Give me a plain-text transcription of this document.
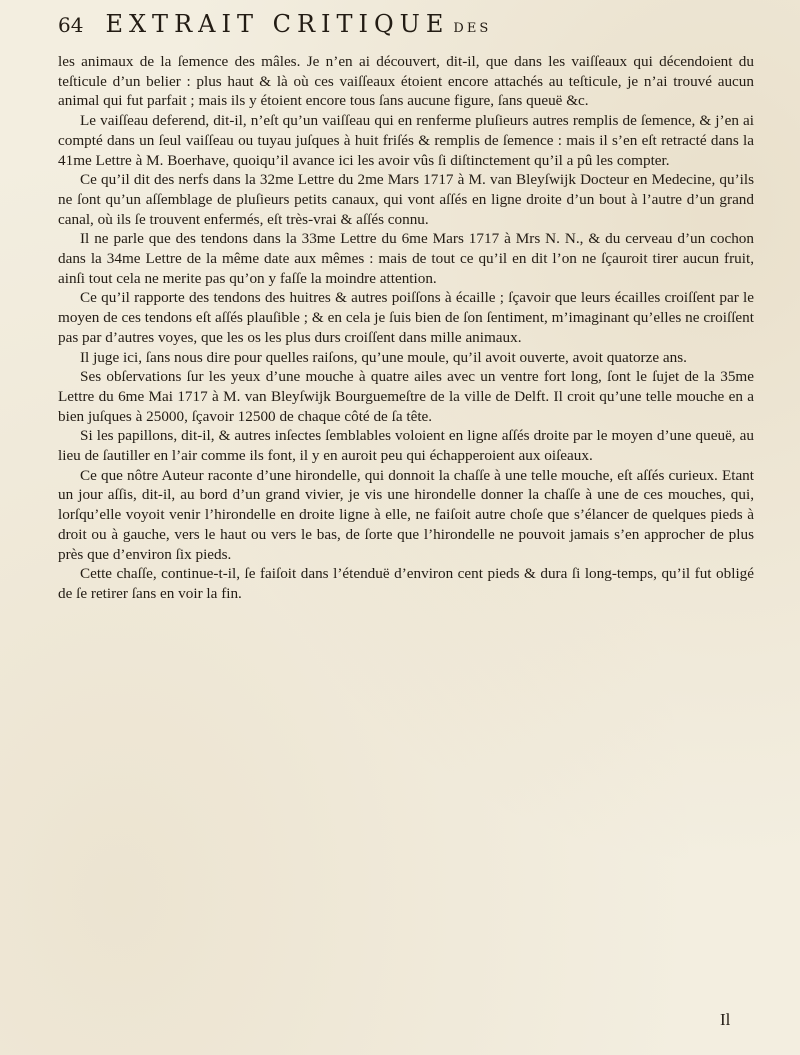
64 EXTRAIT CRITIQUE DES

les animaux de la ſemence des mâles. Je n’en ai découvert, dit-il, que dans les vaiſſeaux qui décendoient du teſticule d’un belier : plus haut & là où ces vaiſſeaux étoient encore attachés au teſticule, je n’ai trouvé aucun animal qui fut parfait ; mais ils y étoient encore tous ſans aucune figure, ſans queuë &c.

Le vaiſſeau deferend, dit-il, n’eſt qu’un vaiſſeau qui en renferme pluſieurs autres remplis de ſemence, & j’en ai compté dans un ſeul vaiſſeau ou tuyau juſques à huit friſés & remplis de ſemence : mais il s’en eſt retracté dans la 41me Lettre à M. Boerhave, quoiqu’il avance ici les avoir vûs ſi diſtinctement qu’il a pû les compter.

Ce qu’il dit des nerfs dans la 32me Lettre du 2me Mars 1717 à M. van Bleyſwijk Docteur en Medecine, qu’ils ne ſont qu’un aſſemblage de pluſieurs petits canaux, qui vont aſſés en ligne droite d’un bout à l’autre d’un grand canal, où ils ſe trouvent enfermés, eſt très-vrai & aſſés connu.

Il ne parle que des tendons dans la 33me Lettre du 6me Mars 1717 à Mrs N. N., & du cerveau d’un cochon dans la 34me Lettre de la même date aux mêmes : mais de tout ce qu’il en dit l’on ne ſçauroit tirer aucun fruit, ainſi tout cela ne merite pas qu’on y faſſe la moindre attention.

Ce qu’il rapporte des tendons des huitres & autres poiſſons à écaille ; ſçavoir que leurs écailles croiſſent par le moyen de ces tendons eſt aſſés plauſible ; & en cela je ſuis bien de ſon ſentiment, m’imaginant qu’elles ne croiſſent pas par d’autres voyes, que les os les plus durs croiſſent dans mille animaux.

Il juge ici, ſans nous dire pour quelles raiſons, qu’une moule, qu’il avoit ouverte, avoit quatorze ans.

Ses obſervations ſur les yeux d’une mouche à quatre ailes avec un ventre fort long, ſont le ſujet de la 35me Lettre du 6me Mai 1717 à M. van Bleyſwijk Bourguemeſtre de la ville de Delft. Il croit qu’une telle mouche en a bien juſques à 25000, ſçavoir 12500 de chaque côté de ſa tête.

Si les papillons, dit-il, & autres inſectes ſemblables voloient en ligne aſſés droite par le moyen d’une queuë, au lieu de ſautiller en l’air comme ils font, il y en auroit peu qui échapperoient aux oiſeaux.

Ce que nôtre Auteur raconte d’une hirondelle, qui donnoit la chaſſe à une telle mouche, eſt aſſés curieux. Etant un jour aſſis, dit-il, au bord d’un grand vivier, je vis une hirondelle donner la chaſſe à une de ces mouches, qui, lorſqu’elle voyoit venir l’hirondelle en droite ligne à elle, ne faiſoit autre choſe que s’élancer de quelques pieds à droit ou à gauche, vers le haut ou vers le bas, de ſorte que l’hirondelle ne pouvoit jamais s’en approcher de plus près que d’environ ſix pieds.

Cette chaſſe, continue-t-il, ſe faiſoit dans l’étenduë d’environ cent pieds & dura ſi long-temps, qu’il fut obligé de ſe retirer ſans en voir la fin.

Il
